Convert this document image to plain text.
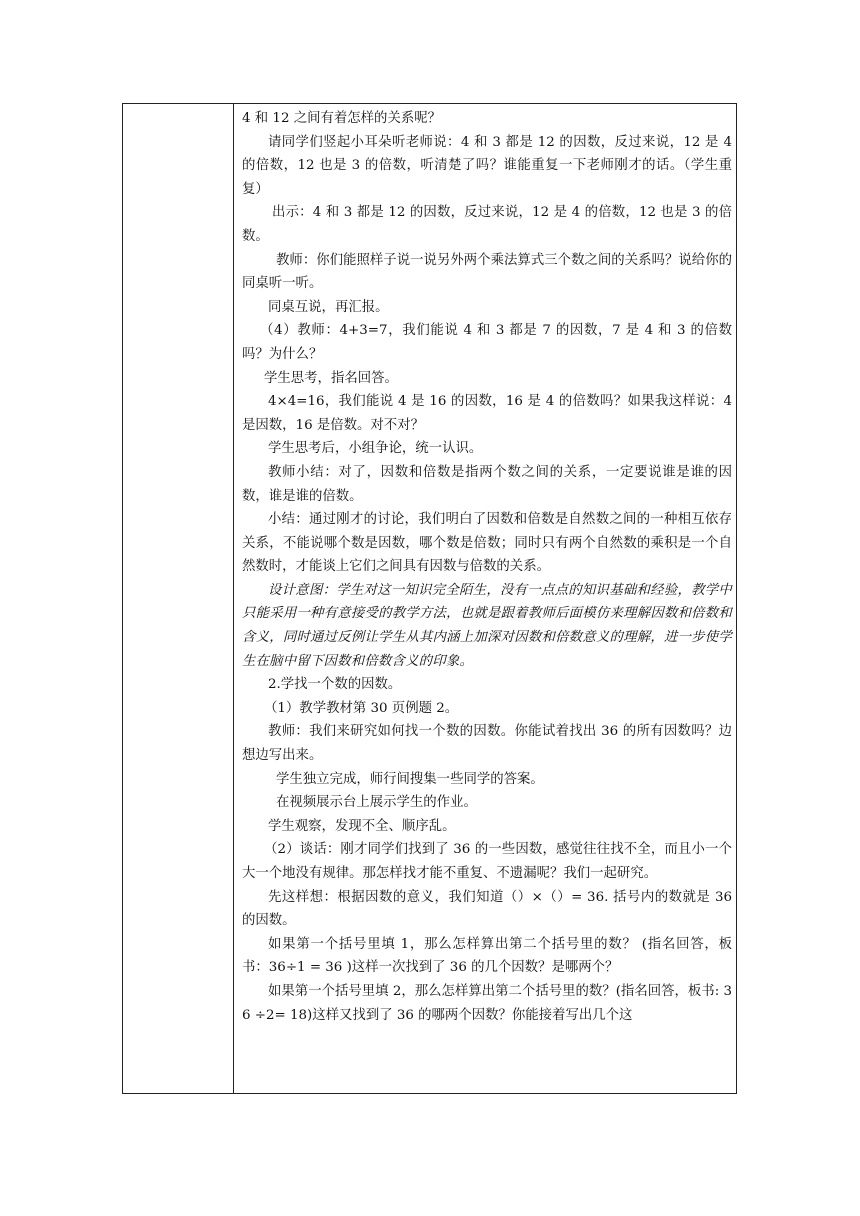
4 和 12 之间有着怎样的关系呢？

请同学们竖起小耳朵听老师说：4 和 3 都是 12 的因数，反过来说，12 是 4 的倍数，12 也是 3 的倍数，听清楚了吗？谁能重复一下老师刚才的话。（学生重复）

出示：4 和 3 都是 12 的因数，反过来说，12 是 4 的倍数，12 也是 3 的倍数。

教师：你们能照样子说一说另外两个乘法算式三个数之间的关系吗？说给你的同桌听一听。

同桌互说，再汇报。

（4）教师：4+3=7，我们能说 4 和 3 都是 7 的因数，7 是 4 和 3 的倍数吗？为什么？

学生思考，指名回答。

4×4=16，我们能说 4 是 16 的因数，16 是 4 的倍数吗？如果我这样说：4 是因数，16 是倍数。对不对？

学生思考后，小组争论，统一认识。

教师小结：对了，因数和倍数是指两个数之间的关系，一定要说谁是谁的因数，谁是谁的倍数。

小结：通过刚才的讨论，我们明白了因数和倍数是自然数之间的一种相互依存关系，不能说哪个数是因数，哪个数是倍数；同时只有两个自然数的乘积是一个自然数时，才能谈上它们之间具有因数与倍数的关系。

设计意图：学生对这一知识完全陌生，没有一点点的知识基础和经验，教学中只能采用一种有意接受的教学方法，也就是跟着教师后面模仿来理解因数和倍数和含义，同时通过反例让学生从其内涵上加深对因数和倍数意义的理解，进一步使学生在脑中留下因数和倍数含义的印象。

2.学找一个数的因数。

（1）教学教材第 30 页例题 2。

教师：我们来研究如何找一个数的因数。你能试着找出 36 的所有因数吗？边想边写出来。

学生独立完成，师行间搜集一些同学的答案。

在视频展示台上展示学生的作业。

学生观察，发现不全、顺序乱。

（2）谈话：刚才同学们找到了 36 的一些因数，感觉往往找不全，而且小一个大一个地没有规律。那怎样找才能不重复、不遗漏呢？我们一起研究。

先这样想：根据因数的意义，我们知道（）×（）= 36. 括号内的数就是 36 的因数。

如果第一个括号里填 1，那么怎样算出第二个括号里的数？ (指名回答，板书：36÷1 = 36 )这样一次找到了 36 的几个因数？是哪两个？

如果第一个括号里填 2，那么怎样算出第二个括号里的数？(指名回答，板书: 36 ÷2= 18)这样又找到了 36 的哪两个因数？你能接着写出几个这
